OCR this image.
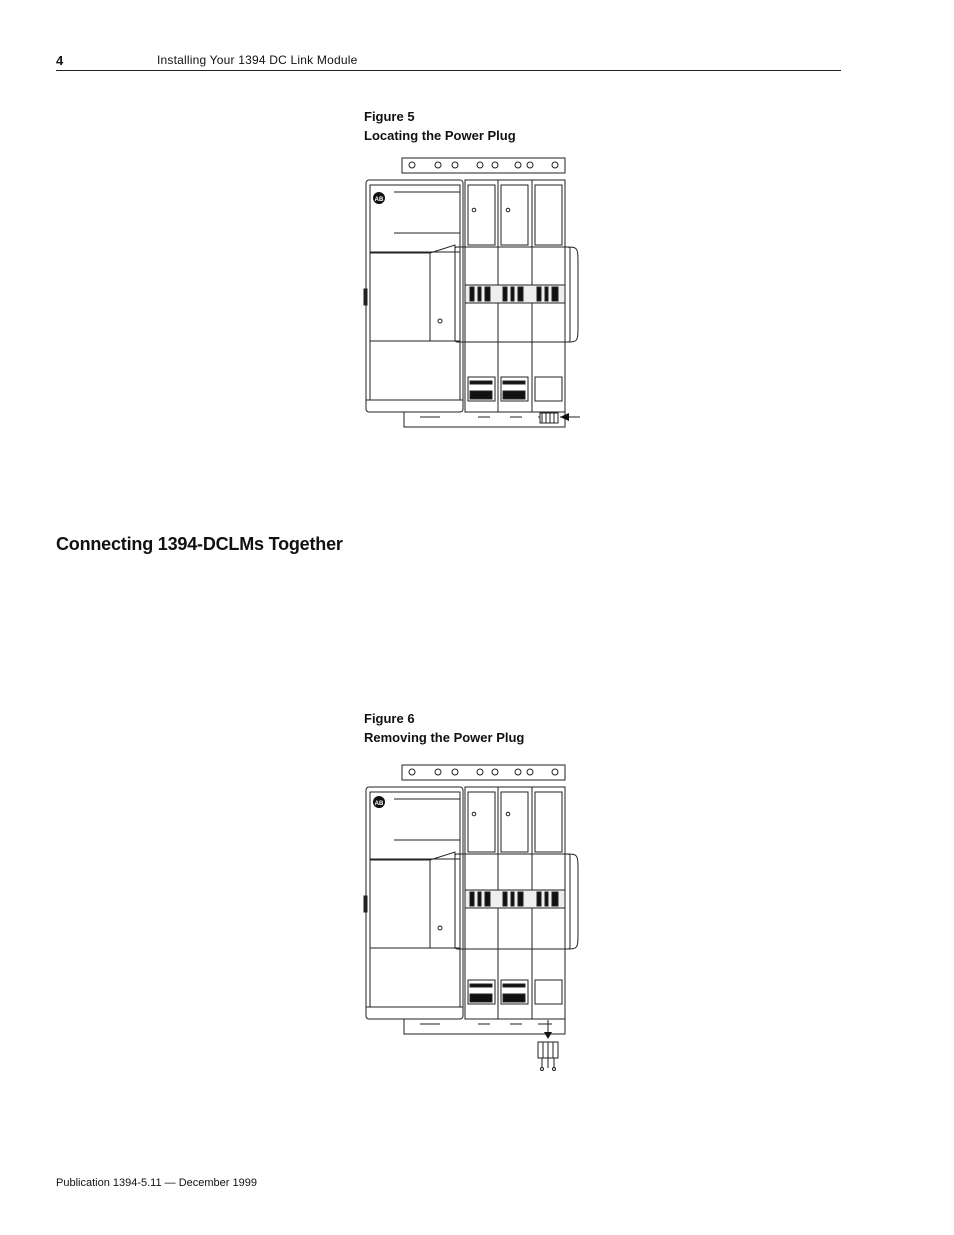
4	Installing Your 1394 DC Link Module
Figure 5
Locating the Power Plug
AB
Connecting 1394-DCLMs Together
Figure 6
Removing the Power Plug
AB
Publication 1394-5.11 — December 1999
